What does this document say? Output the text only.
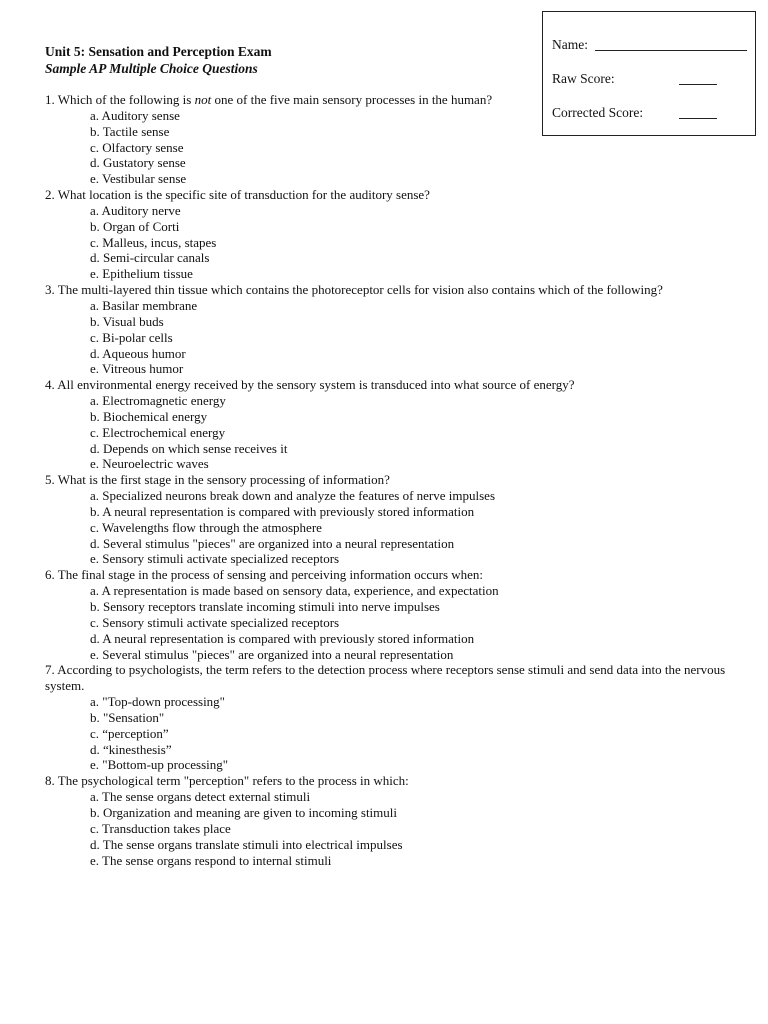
Unit 5: Sensation and Perception Exam
Sample AP Multiple Choice Questions
Name:
Raw Score:
Corrected Score:

1. Which of the following is not one of the five main sensory processes in the human?

a. Auditory sense

b. Tactile sense

c. Olfactory sense

d. Gustatory sense

e. Vestibular sense

2. What location is the specific site of transduction for the auditory sense?

a. Auditory nerve

b. Organ of Corti

c. Malleus, incus, stapes

d. Semi-circular canals

e. Epithelium tissue

3. The multi-layered thin tissue which contains the photoreceptor cells for vision also contains which of the following?

a. Basilar membrane

b. Visual buds

c. Bi-polar cells

d. Aqueous humor

e. Vitreous humor

4. All environmental energy received by the sensory system is transduced into what source of energy?

a. Electromagnetic energy

b. Biochemical energy

c. Electrochemical energy

d. Depends on which sense receives it

e. Neuroelectric waves

5. What is the first stage in the sensory processing of information?

a. Specialized neurons break down and analyze the features of nerve impulses

b. A neural representation is compared with previously stored information

c. Wavelengths flow through the atmosphere

d. Several stimulus "pieces" are organized into a neural representation

e. Sensory stimuli activate specialized receptors

6. The final stage in the process of sensing and perceiving information occurs when:

a. A representation is made based on sensory data, experience, and expectation

b. Sensory receptors translate incoming stimuli into nerve impulses

c. Sensory stimuli activate specialized receptors

d. A neural representation is compared with previously stored information

e. Several stimulus "pieces" are organized into a neural representation

7. According to psychologists, the term refers to the detection process where receptors sense stimuli and send data into the nervous system.

a. "Top-down processing"

b. "Sensation"

c. “perception”

d. “kinesthesis”

e. "Bottom-up processing"

8. The psychological term "perception" refers to the process in which:

a. The sense organs detect external stimuli

b. Organization and meaning are given to incoming stimuli

c. Transduction takes place

d. The sense organs translate stimuli into electrical impulses

e. The sense organs respond to internal stimuli
